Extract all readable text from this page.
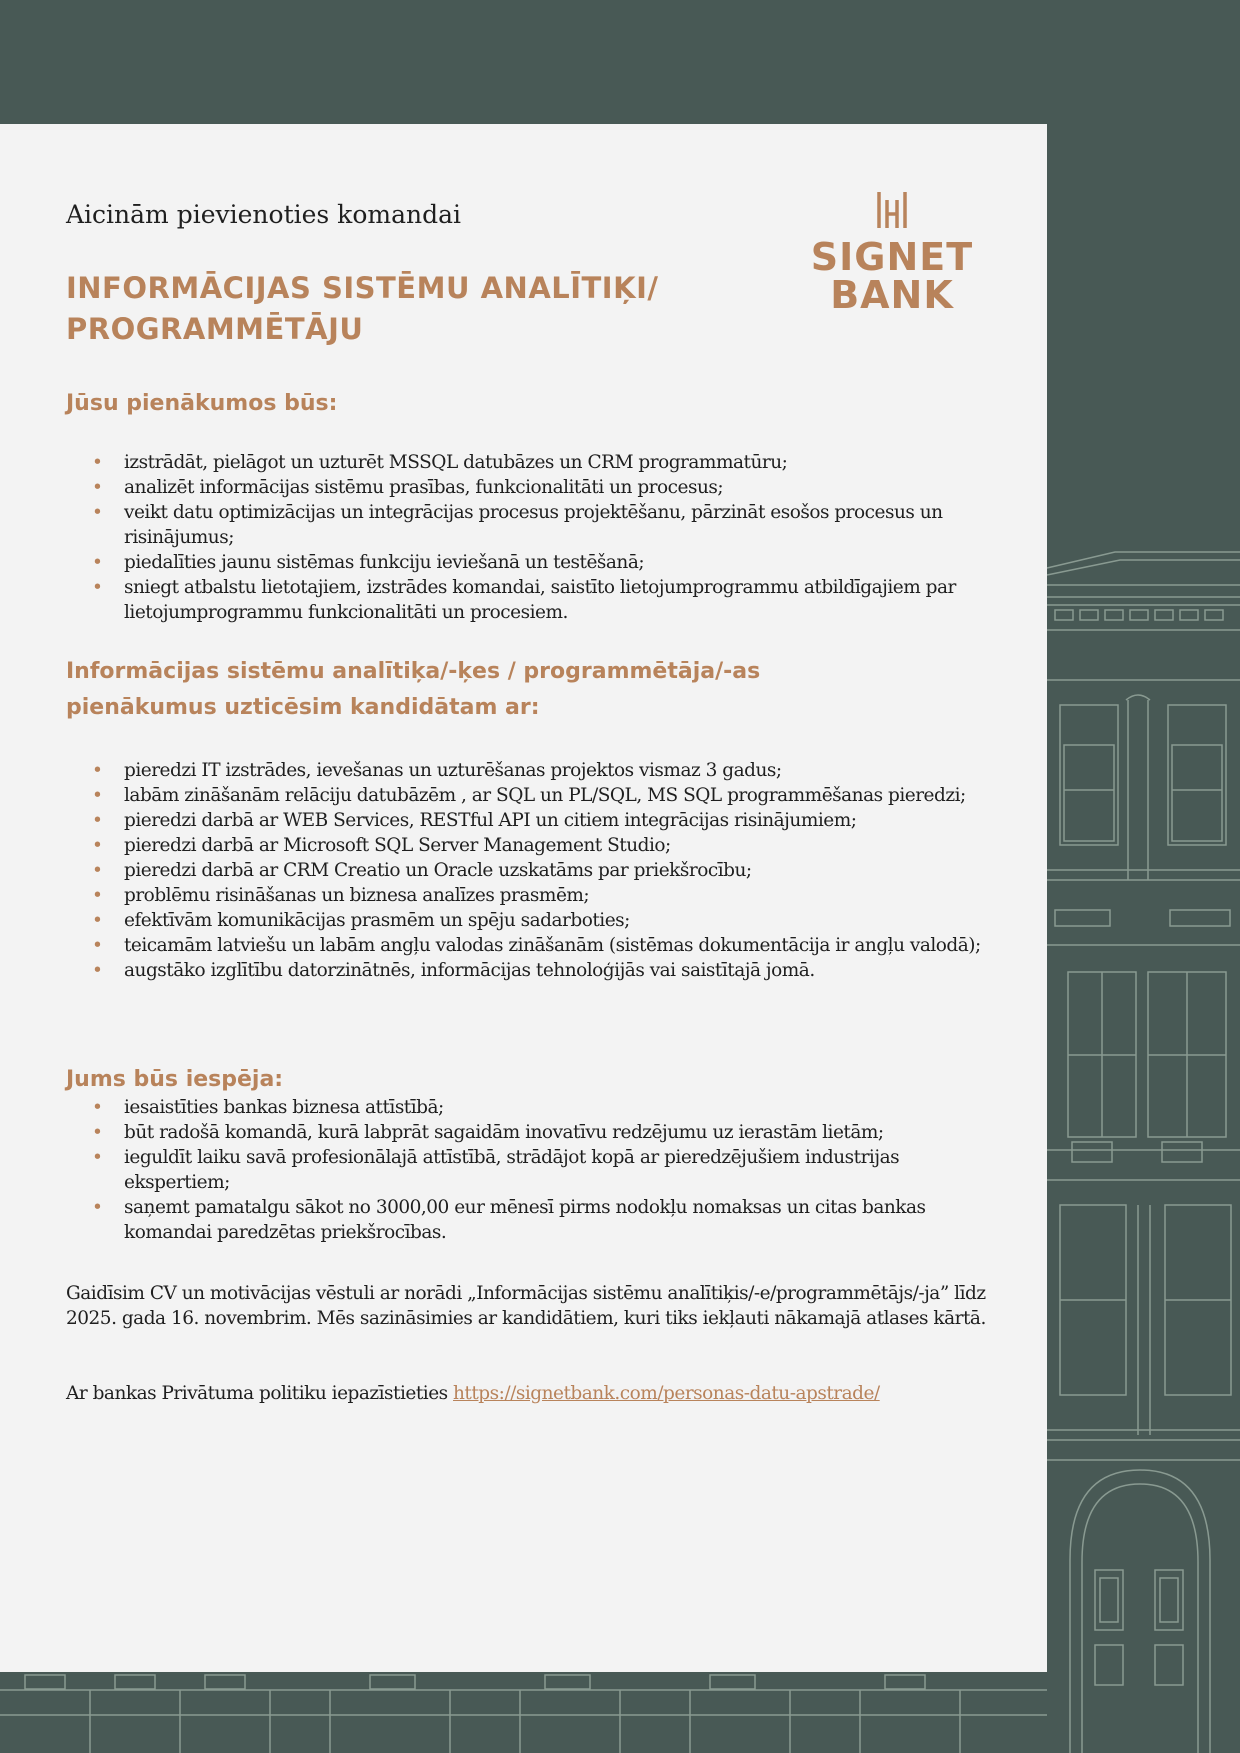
Aicinām pievienoties komandai

INFORMĀCIJAS SISTĒMU ANALĪTIĶI/
PROGRAMMĒTĀJU
SIGNET
BANK
Jūsu pienākumos būs:
• izstrādāt, pielāgot un uzturēt MSSQL datubāzes un CRM programmatūru;
• analizēt informācijas sistēmu prasības, funkcionalitāti un procesus;
• veikt datu optimizācijas un integrācijas procesus projektēšanu, pārzināt esošos procesus un risinājumus;
• piedalīties jaunu sistēmas funkciju ieviešanā un testēšanā;
• sniegt atbalstu lietotajiem, izstrādes komandai, saistīto lietojumprogrammu atbildīgajiem par lietojumprogrammu funkcionalitāti un procesiem.
Informācijas sistēmu analītiķa/-ķes / programmētāja/-as
pienākumus uzticēsim kandidātam ar:
• pieredzi IT izstrādes, ievešanas un uzturēšanas projektos vismaz 3 gadus;
• labām zināšanām relāciju datubāzēm , ar SQL un PL/SQL, MS SQL programmēšanas pieredzi;
• pieredzi darbā ar WEB Services, RESTful API un citiem integrācijas risinājumiem;
• pieredzi darbā ar Microsoft SQL Server Management Studio;
• pieredzi darbā ar CRM Creatio un Oracle uzskatāms par priekšrocību;
• problēmu risināšanas un biznesa analīzes prasmēm;
• efektīvām komunikācijas prasmēm un spēju sadarboties;
• teicamām latviešu un labām angļu valodas zināšanām (sistēmas dokumentācija ir angļu valodā);
• augstāko izglītību datorzinātnēs, informācijas tehnoloģijās vai saistītajā jomā.
Jums būs iespēja:
• iesaistīties bankas biznesa attīstībā;
• būt radošā komandā, kurā labprāt sagaidām inovatīvu redzējumu uz ierastām lietām;
• ieguldīt laiku savā profesionālajā attīstībā, strādājot kopā ar pieredzējušiem industrijas ekspertiem;
• saņemt pamatalgu sākot no 3000,00 eur mēnesī pirms nodokļu nomaksas un citas bankas komandai paredzētas priekšrocības.

Gaidīsim CV un motivācijas vēstuli ar norādi „Informācijas sistēmu analītiķis/-e/programmētājs/-ja” līdz 2025. gada 16. novembrim. Mēs sazināsimies ar kandidātiem, kuri tiks iekļauti nākamajā atlases kārtā.

Ar bankas Privātuma politiku iepazīstieties https://signetbank.com/personas-datu-apstrade/
